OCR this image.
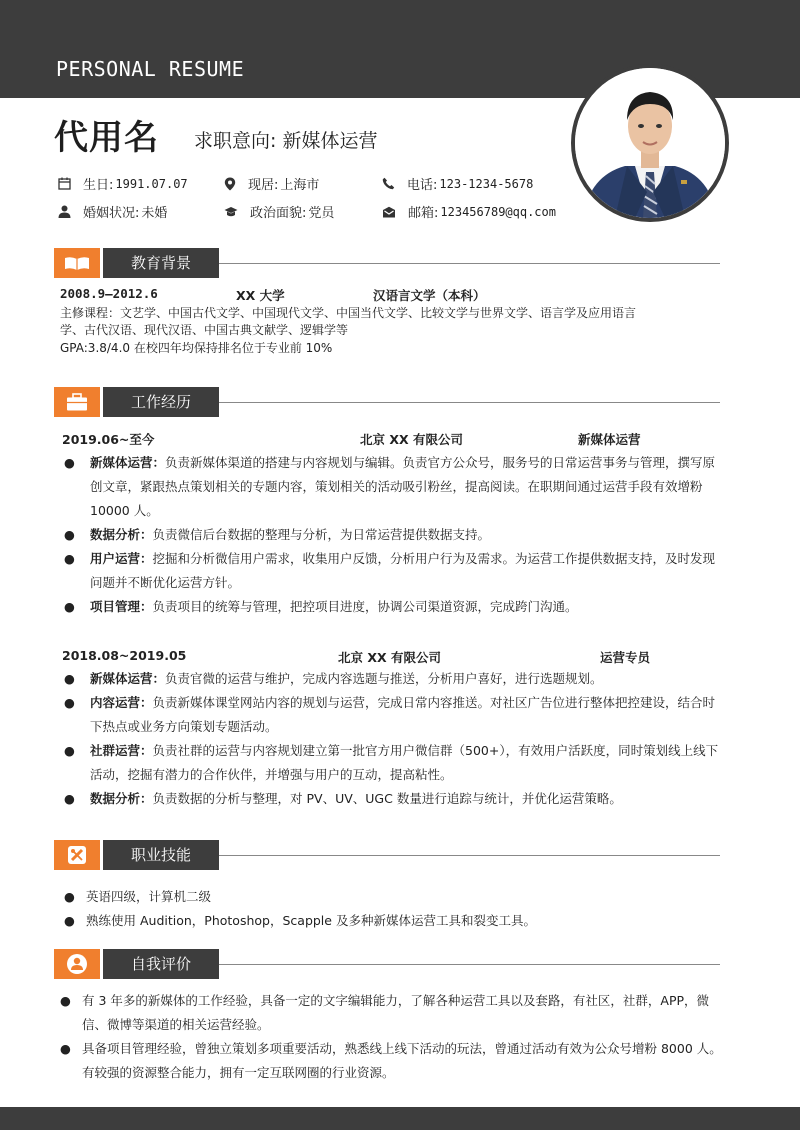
PERSONAL RESUME
代用名 求职意向: 新媒体运营
生日: 1991.07.07	现居: 上海市	电话: 123-1234-5678
婚姻状况: 未婚	政治面貌: 党员	邮箱: 123456789@qq.com
教育背景
2008.9—2012.6	XX 大学	汉语言文学（本科）
主修课程：文艺学、中国古代文学、中国现代文学、中国当代文学、比较文学与世界文学、语言学及应用语言
学、古代汉语、现代汉语、中国古典文献学、逻辑学等
GPA:3.8/4.0 在校四年均保持排名位于专业前 10%
工作经历
2019.06~至今	北京 XX 有限公司	新媒体运营
● 新媒体运营：负责新媒体渠道的搭建与内容规划与编辑。负责官方公众号，服务号的日常运营事务与管理，撰写原创文章，紧跟热点策划相关的专题内容，策划相关的活动吸引粉丝，提高阅读。在职期间通过运营手段有效增粉 10000 人。
● 数据分析：负责微信后台数据的整理与分析，为日常运营提供数据支持。
● 用户运营：挖掘和分析微信用户需求，收集用户反馈，分析用户行为及需求。为运营工作提供数据支持，及时发现问题并不断优化运营方针。
● 项目管理：负责项目的统筹与管理，把控项目进度，协调公司渠道资源，完成跨门沟通。
2018.08~2019.05	北京 XX 有限公司	运营专员
● 新媒体运营：负责官微的运营与维护，完成内容选题与推送，分析用户喜好，进行选题规划。
● 内容运营：负责新媒体课堂网站内容的规划与运营，完成日常内容推送。对社区广告位进行整体把控建设，结合时下热点或业务方向策划专题活动。
● 社群运营：负责社群的运营与内容规划建立第一批官方用户微信群（500+），有效用户活跃度，同时策划线上线下活动，挖掘有潜力的合作伙伴，并增强与用户的互动，提高粘性。
● 数据分析：负责数据的分析与整理，对 PV、UV、UGC 数量进行追踪与统计，并优化运营策略。
职业技能
● 英语四级，计算机二级
● 熟练使用 Audition，Photoshop，Scapple 及多种新媒体运营工具和裂变工具。
自我评价
● 有 3 年多的新媒体的工作经验，具备一定的文字编辑能力，了解各种运营工具以及套路，有社区，社群，APP，微信、微博等渠道的相关运营经验。
● 具备项目管理经验，曾独立策划多项重要活动，熟悉线上线下活动的玩法，曾通过活动有效为公众号增粉 8000 人。有较强的资源整合能力，拥有一定互联网圈的行业资源。
